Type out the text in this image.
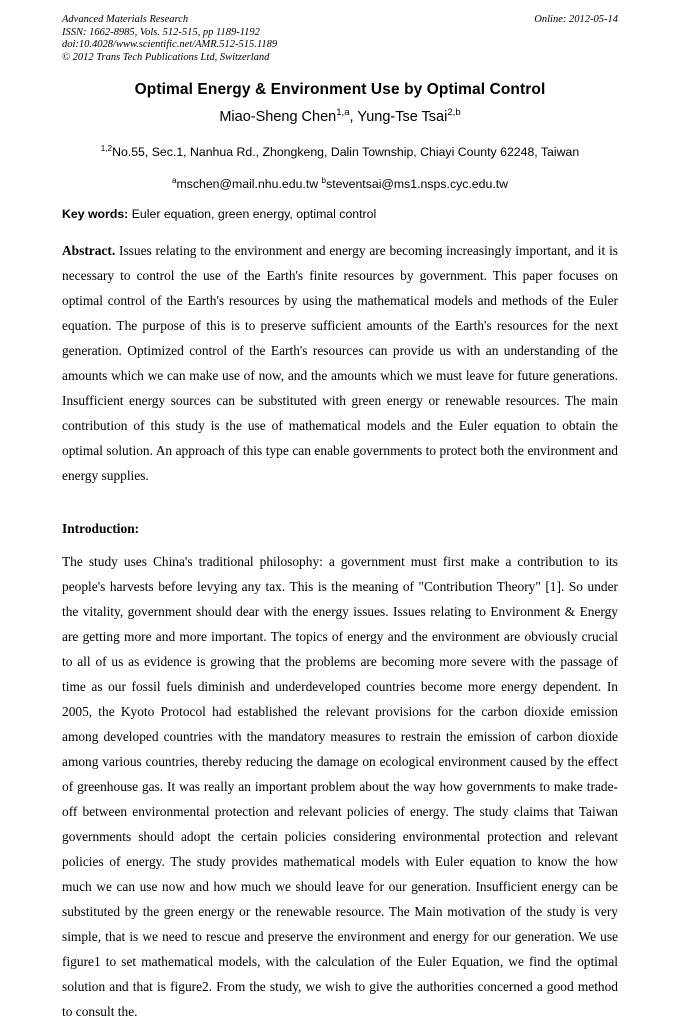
Advanced Materials Research
ISSN: 1662-8985, Vols. 512-515, pp 1189-1192
doi:10.4028/www.scientific.net/AMR.512-515.1189
© 2012 Trans Tech Publications Ltd, Switzerland
Online: 2012-05-14
Optimal Energy & Environment Use by Optimal Control

Miao-Sheng Chen$^{1,a}$, Yung-Tse Tsai$^{2,b}$

$^{1,2}$No.55, Sec.1, Nanhua Rd., Zhongkeng, Dalin Township, Chiayi County 62248, Taiwan

$^a$mschen@mail.nhu.edu.tw $^b$steventsai@ms1.nsps.cyc.edu.tw

Key words: Euler equation, green energy, optimal control

Abstract. Issues relating to the environment and energy are becoming increasingly important, and it is necessary to control the use of the Earth's finite resources by government. This paper focuses on optimal control of the Earth's resources by using the mathematical models and methods of the Euler equation. The purpose of this is to preserve sufficient amounts of the Earth's resources for the next generation. Optimized control of the Earth's resources can provide us with an understanding of the amounts which we can make use of now, and the amounts which we must leave for future generations. Insufficient energy sources can be substituted with green energy or renewable resources. The main contribution of this study is the use of mathematical models and the Euler equation to obtain the optimal solution. An approach of this type can enable governments to protect both the environment and energy supplies.

Introduction:

The study uses China's traditional philosophy: a government must first make a contribution to its people's harvests before levying any tax. This is the meaning of "Contribution Theory" [1]. So under the vitality, government should dear with the energy issues. Issues relating to Environment & Energy are getting more and more important. The topics of energy and the environment are obviously crucial to all of us as evidence is growing that the problems are becoming more severe with the passage of time as our fossil fuels diminish and underdeveloped countries become more energy dependent. In 2005, the Kyoto Protocol had established the relevant provisions for the carbon dioxide emission among developed countries with the mandatory measures to restrain the emission of carbon dioxide among various countries, thereby reducing the damage on ecological environment caused by the effect of greenhouse gas. It was really an important problem about the way how governments to make trade-off between environmental protection and relevant policies of energy. The study claims that Taiwan governments should adopt the certain policies considering environmental protection and relevant policies of energy. The study provides mathematical models with Euler equation to know the how much we can use now and how much we should leave for our generation. Insufficient energy can be substituted by the green energy or the renewable resource. The Main motivation of the study is very simple, that is we need to rescue and preserve the environment and energy for our generation. We use figure1 to set mathematical models, with the calculation of the Euler Equation, we find the optimal solution and that is figure2. From the study, we wish to give the authorities concerned a good method to consult the.
